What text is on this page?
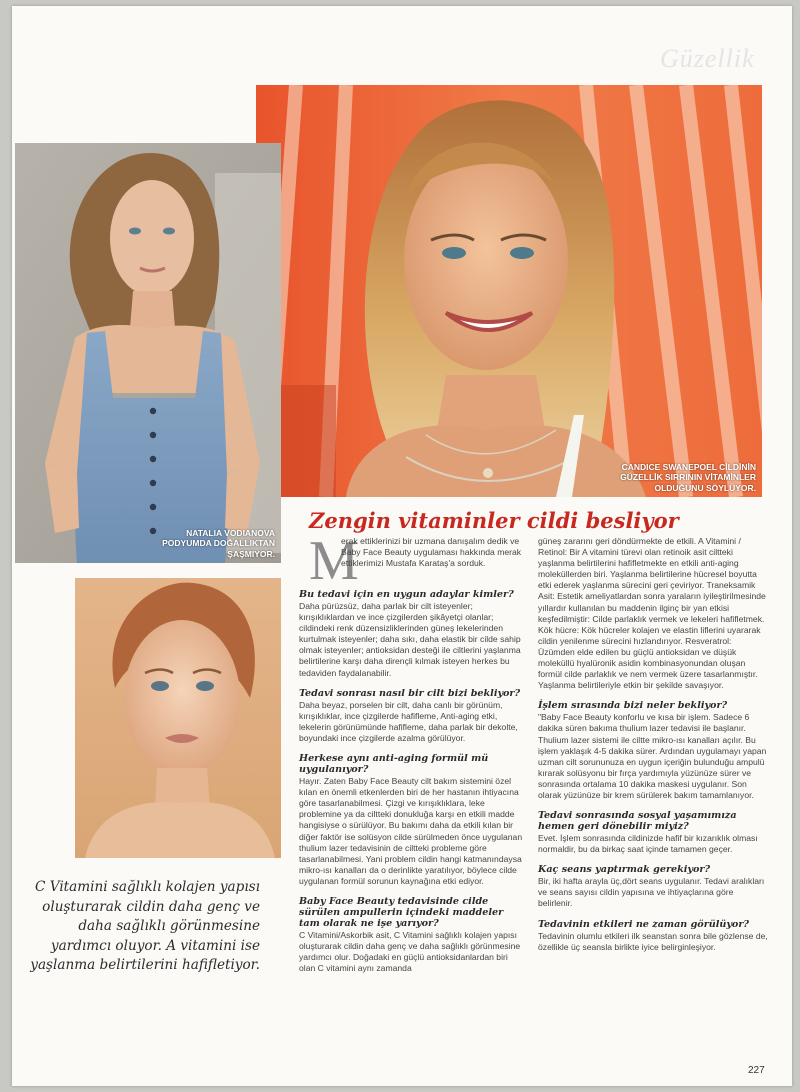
Güzellik
CANDICE SWANEPOEL CİLDİNİN GÜZELLİK SIRRININ VİTAMİNLER OLDUĞUNU SÖYLÜYOR.
NATALIA VODIANOVA PODYUMDA DOĞALLIKTAN ŞAŞMIYOR.
C Vitamini sağlıklı kolajen yapısı oluşturarak cildin daha genç ve daha sağlıklı görünmesine yardımcı oluyor. A vitamini ise yaşlanma belirtilerini hafifletiyor.
Zengin vitaminler cildi besliyor
M

erak ettiklerinizi bir uzmana danışalım dedik ve Baby Face Beauty uygulaması hakkında merak ettiklerimizi Mustafa Karataş'a sorduk.

Bu tedavi için en uygun adaylar kimler?

Daha pürüzsüz, daha parlak bir cilt isteyenler; kırışıklıklardan ve ince çizgilerden şikâyetçi olanlar; cildindeki renk düzensizliklerinden güneş lekelerinden kurtulmak isteyenler; daha sıkı, daha elastik bir cilde sahip olmak isteyenler; antioksidan desteği ile ciltlerini yaşlanma belirtilerine karşı daha dirençli kılmak isteyen herkes bu tedaviden faydalanabilir.

Tedavi sonrası nasıl bir cilt bizi bekliyor?

Daha beyaz, porselen bir cilt, daha canlı bir görünüm, kırışıklıklar, ince çizgilerde hafifleme, Anti-aging etki, lekelerin görünümünde hafifleme, daha parlak bir dekolte, boyundaki ince çizgilerde azalma görülüyor.

Herkese aynı anti-aging formül mü uygulanıyor?

Hayır. Zaten Baby Face Beauty cilt bakım sistemini özel kılan en önemli etkenlerden biri de her hastanın ihtiyacına göre tasarlanabilmesi. Çizgi ve kırışıklıklara, leke problemine ya da ciltteki donukluğa karşı en etkili madde hangisiyse o sürülüyor. Bu bakımı daha da etkili kılan bir diğer faktör ise solüsyon cilde sürülmeden önce uygulanan thulium lazer tedavisinin de ciltteki probleme göre tasarlanabilmesi. Yani problem cildin hangi katmanındaysa mikro-ısı kanalları da o derinlikte yaratılıyor, böylece cilde uygulanan formül sorunun kaynağına etki ediyor.

Baby Face Beauty tedavisinde cilde sürülen ampullerin içindeki maddeler tam olarak ne işe yarıyor?

C Vitamini/Askorbik asit, C Vitamini sağlıklı kolajen yapısı oluşturarak cildin daha genç ve daha sağlıklı görünmesine yardımcı olur. Doğadaki en güçlü antioksidanlardan biri olan C vitamini aynı zamanda

güneş zararını geri döndürmekte de etkili. A Vitamini / Retinol: Bir A vitamini türevi olan retinoik asit ciltteki yaşlanma belirtilerini hafifletmekte en etkili anti-aging moleküllerden biri. Yaşlanma belirtilerine hücresel boyutta etki ederek yaşlanma sürecini geri çeviriyor. Traneksamik Asit: Estetik ameliyatlardan sonra yaraların iyileştirilmesinde yıllardır kullanılan bu maddenin ilginç bir yan etkisi keşfedilmiştir: Cilde parlaklık vermek ve lekeleri hafifletmek. Kök hücre: Kök hücreler kolajen ve elastin liflerini uyararak cildin yenilenme sürecini hızlandırıyor. Resveratrol: Üzümden elde edilen bu güçlü antioksidan ve düşük moleküllü hyalüronik asidin kombinasyonundan oluşan formül cilde parlaklık ve nem vermek üzere tasarlanmıştır. Yaşlanma belirtileriyle etkin bir şekilde savaşıyor.

İşlem sırasında bizi neler bekliyor?

"Baby Face Beauty konforlu ve kısa bir işlem. Sadece 6 dakika süren bakıma thulium lazer tedavisi ile başlanır. Thulium lazer sistemi ile ciltte mikro-ısı kanalları açılır. Bu işlem yaklaşık 4-5 dakika sürer. Ardından uygulamayı yapan uzman cilt sorununuza en uygun içeriğin bulunduğu ampulü kırarak solüsyonu bir fırça yardımıyla yüzünüze sürer ve sonrasında ortalama 10 dakika maskesi uygulanır. Son olarak yüzünüze bir krem sürülerek bakım tamamlanıyor.

Tedavi sonrasında sosyal yaşamımıza hemen geri dönebilir miyiz?

Evet. İşlem sonrasında cildinizde hafif bir kızarıklık olması normaldir, bu da birkaç saat içinde tamamen geçer.

Kaç seans yaptırmak gerekiyor?

Bir, iki hafta arayla üç,dört seans uygulanır. Tedavi aralıkları ve seans sayısı cildin yapısına ve ihtiyaçlarına göre belirlenir.

Tedavinin etkileri ne zaman görülüyor?

Tedavinin olumlu etkileri ilk seanstan sonra bile gözlense de, özellikle üç seansla birlikte iyice belirginleşiyor.

227
